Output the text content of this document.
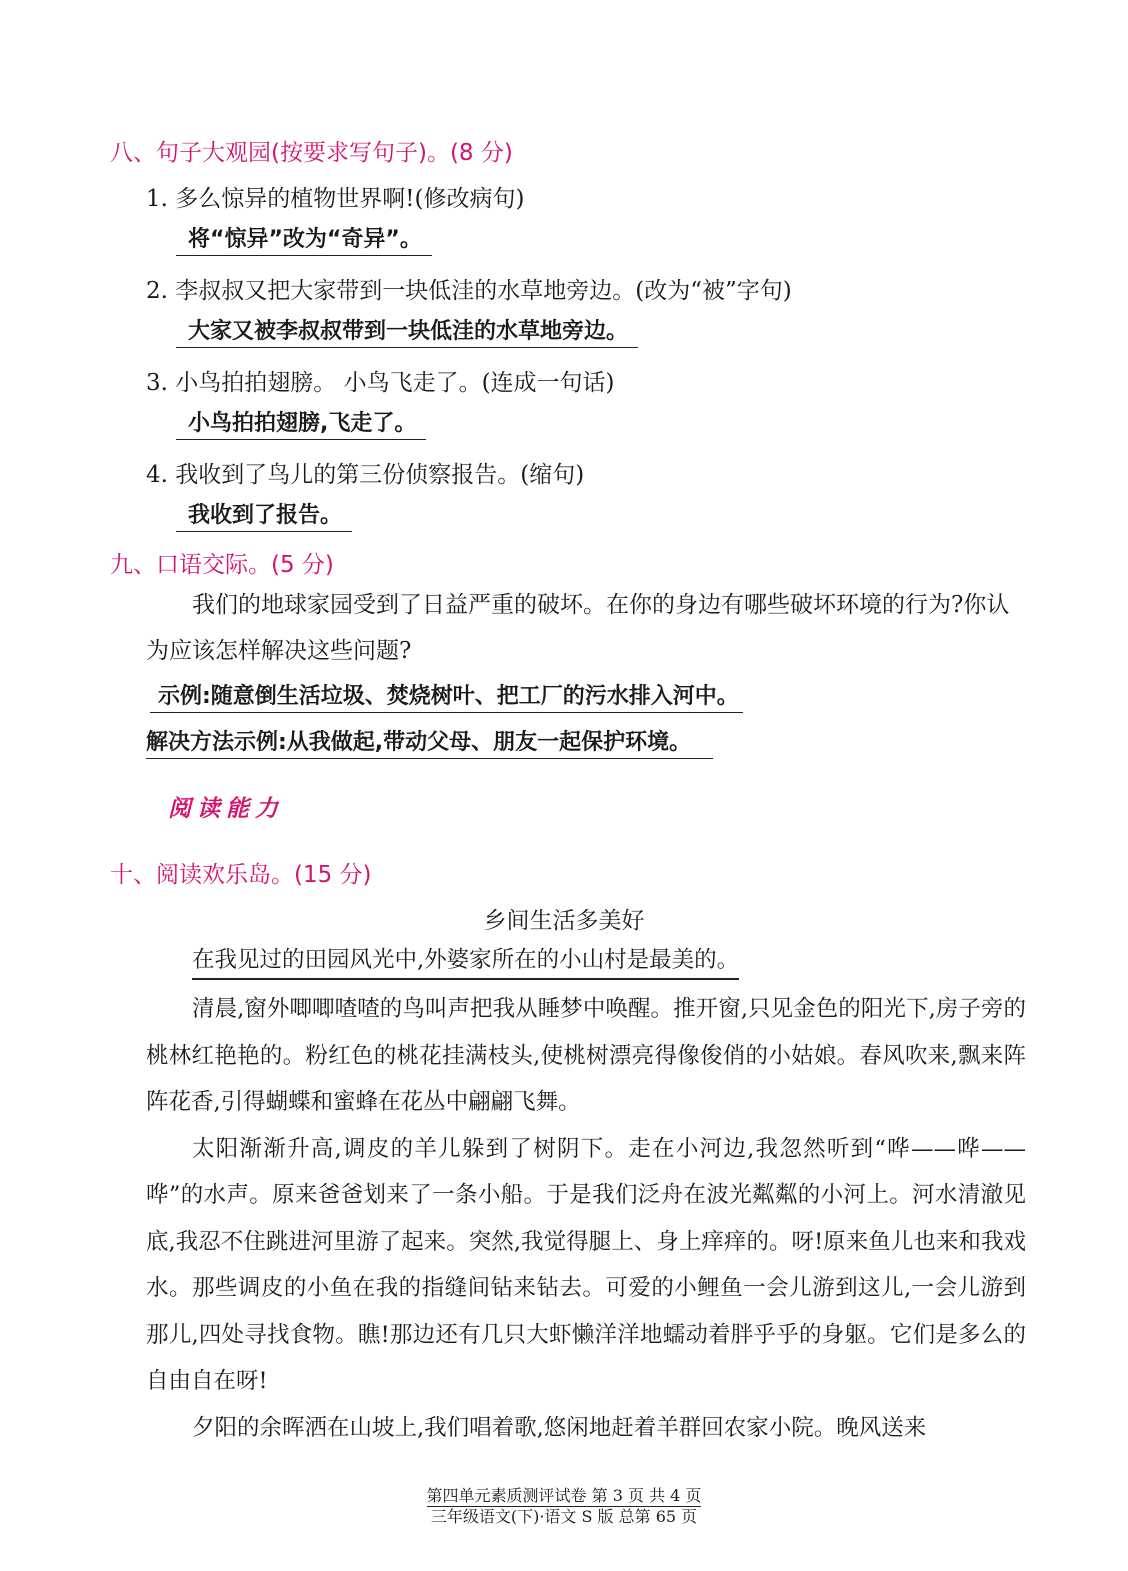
八、句子大观园(按要求写句子)。(8 分)
1. 多么惊异的植物世界啊!(修改病句)
将“惊异”改为“奇异”。
2. 李叔叔又把大家带到一块低洼的水草地旁边。(改为“被”字句)
大家又被李叔叔带到一块低洼的水草地旁边。
3. 小鸟拍拍翅膀。 小鸟飞走了。(连成一句话)
小鸟拍拍翅膀,飞走了。
4. 我收到了鸟儿的第三份侦察报告。(缩句)
我收到了报告。
九、口语交际。(5 分)
我们的地球家园受到了日益严重的破坏。在你的身边有哪些破坏环境的行为?你认为应该怎样解决这些问题?
示例:随意倒生活垃圾、焚烧树叶、把工厂的污水排入河中。
解决方法示例:从我做起,带动父母、朋友一起保护环境。
阅读能力
十、阅读欢乐岛。(15 分)
乡间生活多美好
在我见过的田园风光中,外婆家所在的小山村是最美的。

清晨,窗外唧唧喳喳的鸟叫声把我从睡梦中唤醒。推开窗,只见金色的阳光下,房子旁的桃林红艳艳的。粉红色的桃花挂满枝头,使桃树漂亮得像俊俏的小姑娘。春风吹来,飘来阵阵花香,引得蝴蝶和蜜蜂在花丛中翩翩飞舞。

太阳渐渐升高,调皮的羊儿躲到了树阴下。走在小河边,我忽然听到“哗——哗——哗”的水声。原来爸爸划来了一条小船。于是我们泛舟在波光粼粼的小河上。河水清澈见底,我忍不住跳进河里游了起来。突然,我觉得腿上、身上痒痒的。呀!原来鱼儿也来和我戏水。那些调皮的小鱼在我的指缝间钻来钻去。可爱的小鲤鱼一会儿游到这儿,一会儿游到那儿,四处寻找食物。瞧!那边还有几只大虾懒洋洋地蠕动着胖乎乎的身躯。它们是多么的自由自在呀!

夕阳的余晖洒在山坡上,我们唱着歌,悠闲地赶着羊群回农家小院。晚风送来

第四单元素质测评试卷 第 3 页 共 4 页
三年级语文(下)·语文 S 版 总第 65 页
